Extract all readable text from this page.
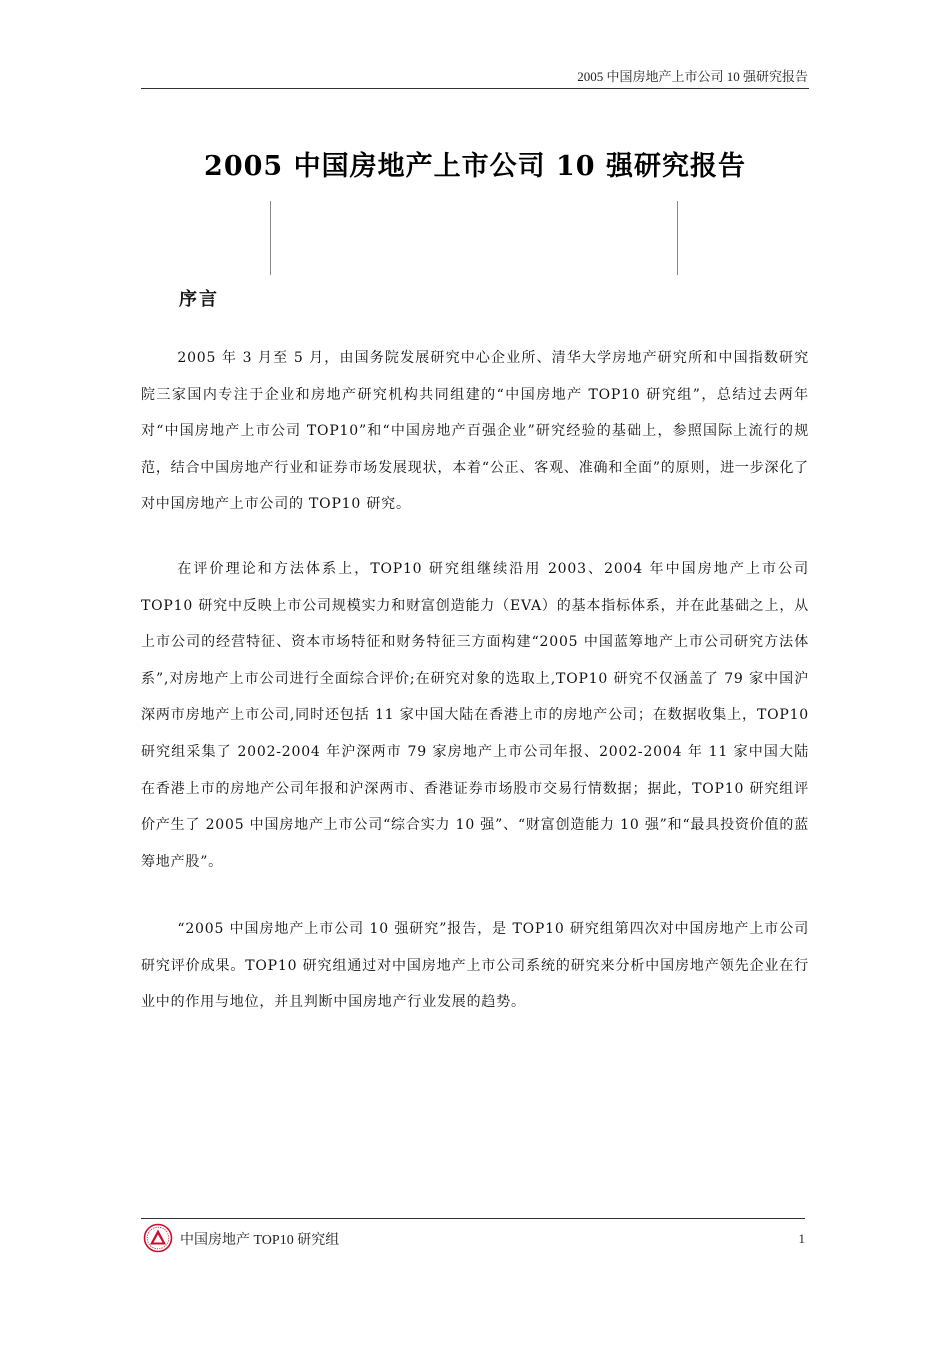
2005 中国房地产上市公司 10 强研究报告
2005 中国房地产上市公司 10 强研究报告
序言

2005 年 3 月至 5 月，由国务院发展研究中心企业所、清华大学房地产研究所和中国指数研究院三家国内专注于企业和房地产研究机构共同组建的“中国房地产 TOP10 研究组”，总结过去两年对“中国房地产上市公司 TOP10”和“中国房地产百强企业”研究经验的基础上，参照国际上流行的规范，结合中国房地产行业和证券市场发展现状，本着“公正、客观、准确和全面”的原则，进一步深化了对中国房地产上市公司的 TOP10 研究。

在评价理论和方法体系上，TOP10 研究组继续沿用 2003、2004 年中国房地产上市公司 TOP10 研究中反映上市公司规模实力和财富创造能力（EVA）的基本指标体系，并在此基础之上，从上市公司的经营特征、资本市场特征和财务特征三方面构建“2005 中国蓝筹地产上市公司研究方法体系”,对房地产上市公司进行全面综合评价;在研究对象的选取上,TOP10 研究不仅涵盖了 79 家中国沪深两市房地产上市公司,同时还包括 11 家中国大陆在香港上市的房地产公司；在数据收集上，TOP10 研究组采集了 2002-2004 年沪深两市 79 家房地产上市公司年报、2002-2004 年 11 家中国大陆在香港上市的房地产公司年报和沪深两市、香港证券市场股市交易行情数据；据此，TOP10 研究组评价产生了 2005 中国房地产上市公司“综合实力 10 强”、“财富创造能力 10 强”和“最具投资价值的蓝筹地产股”。

“2005 中国房地产上市公司 10 强研究”报告，是 TOP10 研究组第四次对中国房地产上市公司研究评价成果。TOP10 研究组通过对中国房地产上市公司系统的研究来分析中国房地产领先企业在行业中的作用与地位，并且判断中国房地产行业发展的趋势。

中国房地产 TOP10 研究组	1
